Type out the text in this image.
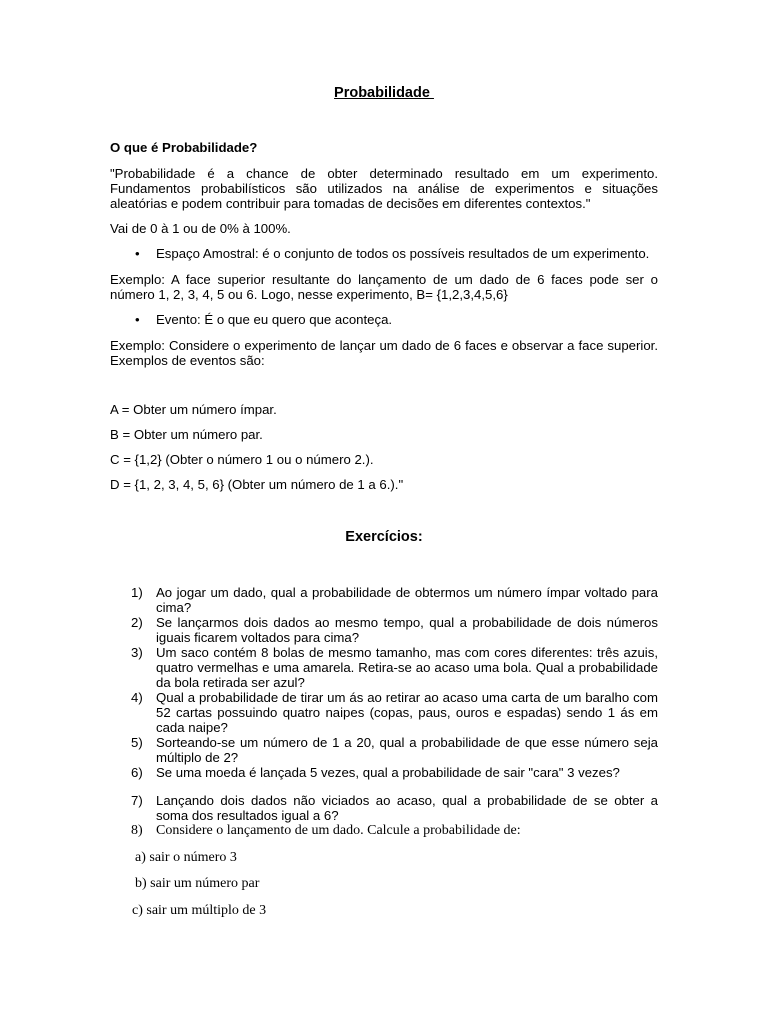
Probabilidade
O que é Probabilidade?
"Probabilidade é a chance de obter determinado resultado em um experimento. Fundamentos probabilísticos são utilizados na análise de experimentos e situações aleatórias e podem contribuir para tomadas de decisões em diferentes contextos."
Vai de 0 à 1 ou de 0% à 100%.
•	Espaço Amostral: é o conjunto de todos os possíveis resultados de um experimento.
Exemplo: A face superior resultante do lançamento de um dado de 6 faces pode ser o número 1, 2, 3, 4, 5 ou 6. Logo, nesse experimento, B= {1,2,3,4,5,6}
•	Evento: É o que eu quero que aconteça.
Exemplo: Considere o experimento de lançar um dado de 6 faces e observar a face superior. Exemplos de eventos são:
A = Obter um número ímpar.
B = Obter um número par.
C = {1,2} (Obter o número 1 ou o número 2.).
D = {1, 2, 3, 4, 5, 6} (Obter um número de 1 a 6.)."
Exercícios:
1)	Ao jogar um dado, qual a probabilidade de obtermos um número ímpar voltado para cima?
2)	Se lançarmos dois dados ao mesmo tempo, qual a probabilidade de dois números iguais ficarem voltados para cima?
3)	Um saco contém 8 bolas de mesmo tamanho, mas com cores diferentes: três azuis, quatro vermelhas e uma amarela. Retira-se ao acaso uma bola. Qual a probabilidade da bola retirada ser azul?
4)	Qual a probabilidade de tirar um ás ao retirar ao acaso uma carta de um baralho com 52 cartas possuindo quatro naipes (copas, paus, ouros e espadas) sendo 1 ás em cada naipe?
5)	Sorteando-se um número de 1 a 20, qual a probabilidade de que esse número seja múltiplo de 2?
6)	Se uma moeda é lançada 5 vezes, qual a probabilidade de sair "cara" 3 vezes?
7)	Lançando dois dados não viciados ao acaso, qual a probabilidade de se obter a soma dos resultados igual a 6?
8) Considere o lançamento de um dado. Calcule a probabilidade de:
a) sair o número 3
b) sair um número par
c) sair um múltiplo de 3
